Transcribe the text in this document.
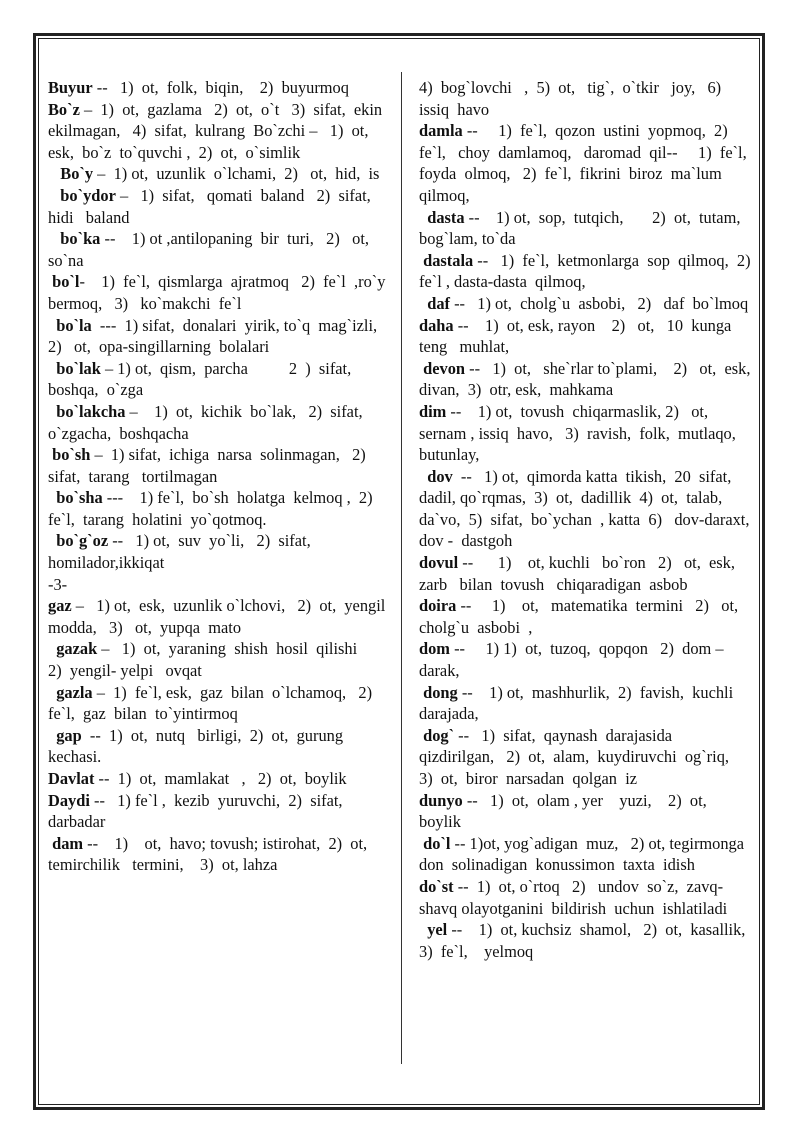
Buyur --   1)  ot,  folk,  biqin,    2)  buyurmoq

Bo`z –  1)  ot,  gazlama   2)  ot,  o`t   3)  sifat,  ekin  ekilmagan,   4)  sifat,  kulrang  Bo`zchi –   1)  ot,  esk,  bo`z  to`quvchi ,  2)  ot,  o`simlik

Bo`y –  1) ot,  uzunlik  o`lchami,  2)   ot,  hid,  is

bo`ydor –   1)  sifat,   qomati  baland   2)  sifat,   hidi   baland

bo`ka --    1) ot ,antilopaning  bir  turi,   2)   ot,   so`na

bo`l-    1)  fe`l,  qismlarga  ajratmoq   2)  fe`l  ,ro`y  bermoq,   3)   ko`makchi  fe`l

bo`la  ---  1) sifat,  donalari  yirik, to`q  mag`izli,   2)   ot,  opa-singillarning  bolalari

bo`lak – 1) ot,  qism,  parcha          2  )  sifat,  boshqa,  o`zga

bo`lakcha –    1)  ot,  kichik  bo`lak,   2)  sifat,  o`zgacha,  boshqacha

bo`sh –  1) sifat,  ichiga  narsa  solinmagan,   2)  sifat,  tarang   tortilmagan

bo`sha ---    1) fe`l,  bo`sh  holatga  kelmoq ,  2)   fe`l,  tarang  holatini  yo`qotmoq.

bo`g`oz --   1) ot,  suv  yo`li,   2)  sifat,  homilador,ikkiqat

-3-

gaz –   1) ot,  esk,  uzunlik o`lchovi,   2)  ot,  yengil modda,   3)   ot,  yupqa  mato

gazak –   1)  ot,  yaraning  shish  hosil  qilishi       2)  yengil- yelpi   ovqat

gazla –  1)  fe`l, esk,  gaz  bilan  o`lchamoq,   2)  fe`l,  gaz  bilan  to`yintirmoq

gap  --  1)  ot,  nutq   birligi,  2)  ot,  gurung   kechasi.

Davlat --  1)  ot,  mamlakat   ,   2)  ot,  boylik

Daydi --   1) fe`l ,  kezib  yuruvchi,  2)  sifat,  darbadar

dam --    1)    ot,  havo; tovush; istirohat,  2)  ot,   temirchilik   termini,    3)  ot, lahza

4)  bog`lovchi   ,  5)  ot,   tig`,  o`tkir   joy,   6)  issiq  havo

damla --     1)  fe`l,  qozon  ustini  yopmoq,  2)   fe`l,   choy  damlamoq,   daromad  qil--     1)  fe`l,  foyda  olmoq,   2)  fe`l,  fikrini  biroz  ma`lum  qilmoq,

dasta --    1) ot,  sop,  tutqich,       2)  ot,  tutam, bog`lam, to`da

dastala --   1)  fe`l,  ketmonlarga  sop  qilmoq,  2)   fe`l , dasta-dasta  qilmoq,

daf --   1) ot,  cholg`u  asbobi,   2)   daf  bo`lmoq

daha --    1)  ot, esk, rayon    2)   ot,   10  kunga   teng   muhlat,

devon --   1)  ot,   she`rlar to`plami,    2)   ot,  esk,   divan,  3)  otr, esk,  mahkama

dim --    1) ot,  tovush  chiqarmaslik, 2)   ot,  sernam , issiq  havo,   3)  ravish,  folk,  mutlaqo,  butunlay,

dov  --   1) ot,  qimorda katta  tikish,  20  sifat, dadil, qo`rqmas,  3)  ot,  dadillik  4)  ot,  talab,  da`vo,  5)  sifat,  bo`ychan  , katta  6)   dov-daraxt,   dov -  dastgoh

dovul --      1)    ot, kuchli   bo`ron   2)   ot,  esk,  zarb   bilan  tovush   chiqaradigan  asbob

doira --     1)    ot,   matematika  termini   2)   ot,  cholg`u  asbobi  ,

dom --     1) 1)  ot,  tuzoq,  qopqon   2)  dom – darak,

dong --    1) ot,  mashhurlik,  2)  favish,  kuchli   darajada,

dog` --   1)  sifat,  qaynash  darajasida  qizdirilgan,   2)  ot,  alam,  kuydiruvchi  og`riq,    3)  ot,  biror  narsadan  qolgan  iz

dunyo --   1)  ot,  olam , yer    yuzi,    2)  ot,  boylik

do`l -- 1)ot, yog`adigan  muz,   2) ot, tegirmonga  don  solinadigan  konussimon  taxta  idish

do`st --  1)  ot, o`rtoq   2)   undov  so`z,  zavq-shavq olayotganini  bildirish  uchun  ishlatiladi

yel --    1)  ot, kuchsiz  shamol,   2)  ot,  kasallik,   3)  fe`l,    yelmoq
